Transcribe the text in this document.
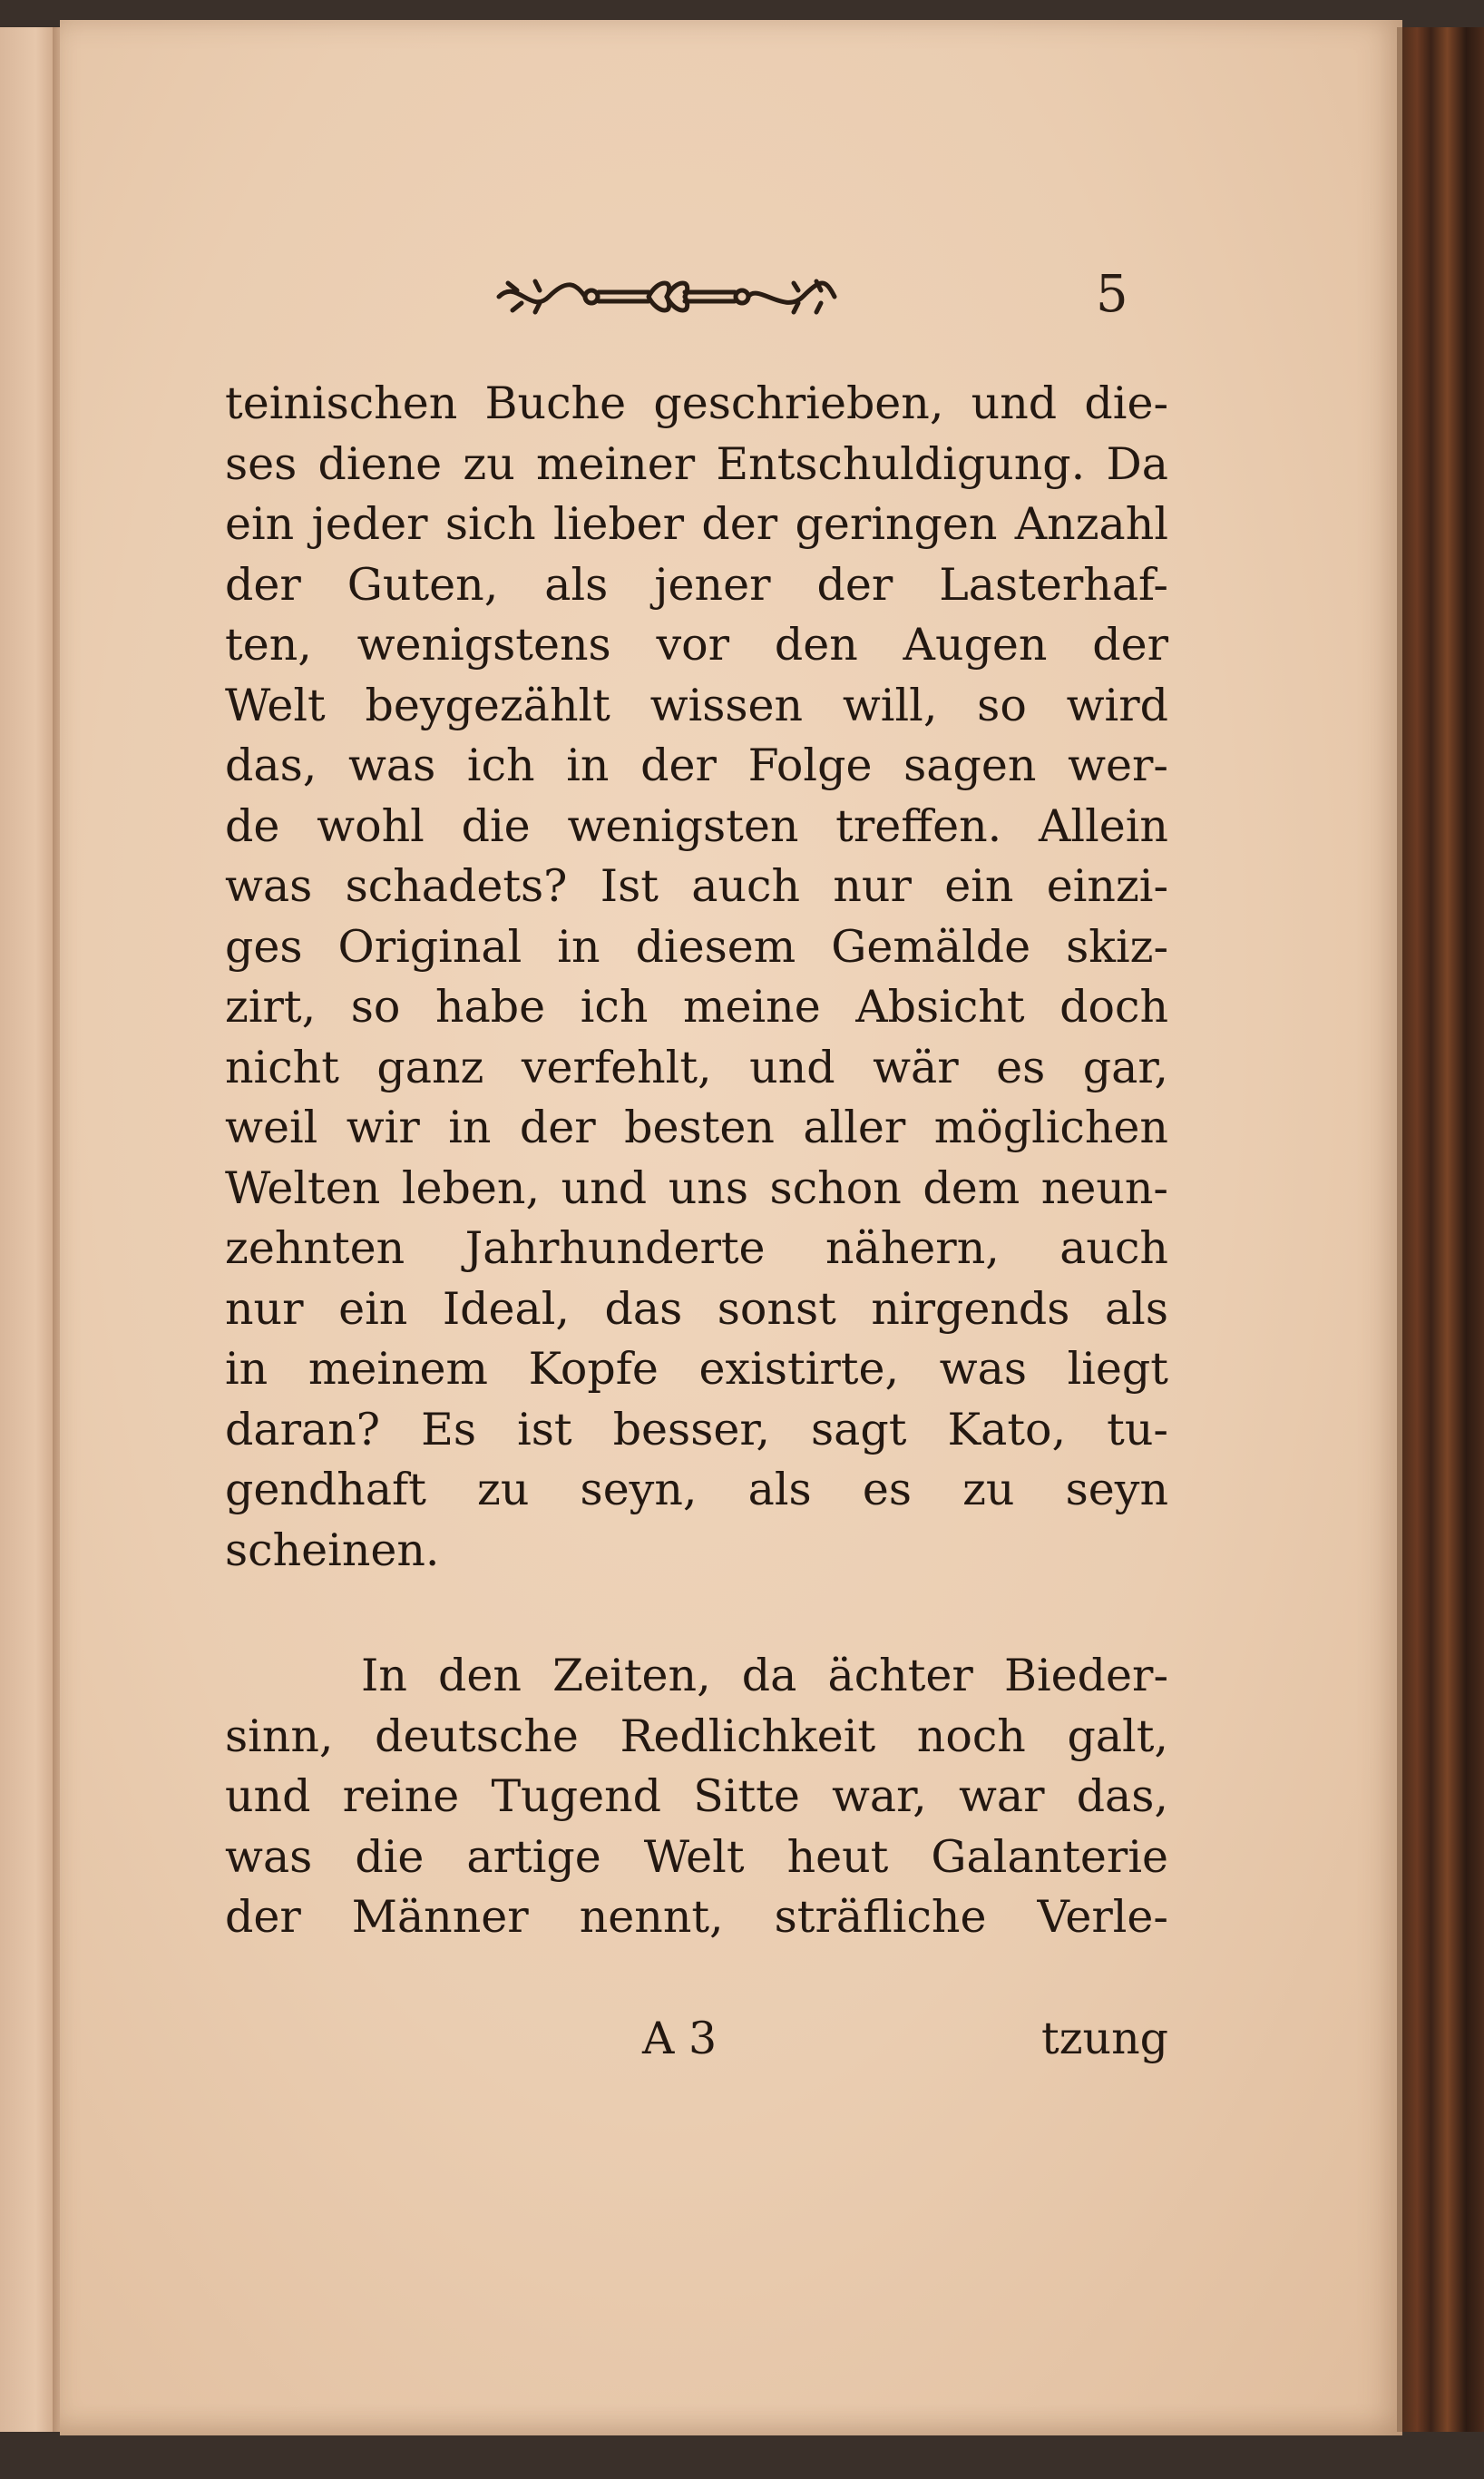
5
teinischen Buche geschrieben, und die-
ses diene zu meiner Entschuldigung. Da
ein jeder sich lieber der geringen Anzahl
der Guten, als jener der Lasterhaf-
ten, wenigstens vor den Augen der
Welt beygezählt wissen will, so wird
das, was ich in der Folge sagen wer-
de wohl die wenigsten treffen. Allein
was schadets? Ist auch nur ein einzi-
ges Original in diesem Gemälde skiz-
zirt, so habe ich meine Absicht doch
nicht ganz verfehlt, und wär es gar,
weil wir in der besten aller möglichen
Welten leben, und uns schon dem neun-
zehnten Jahrhunderte nähern, auch
nur ein Ideal, das sonst nirgends als
in meinem Kopfe existirte, was liegt
daran? Es ist besser, sagt Kato, tu-
gendhaft zu seyn, als es zu seyn
scheinen.
In den Zeiten, da ächter Bieder-
sinn, deutsche Redlichkeit noch galt,
und reine Tugend Sitte war, war das,
was die artige Welt heut Galanterie
der Männer nennt, sträfliche Verle-
A 3	tzung
